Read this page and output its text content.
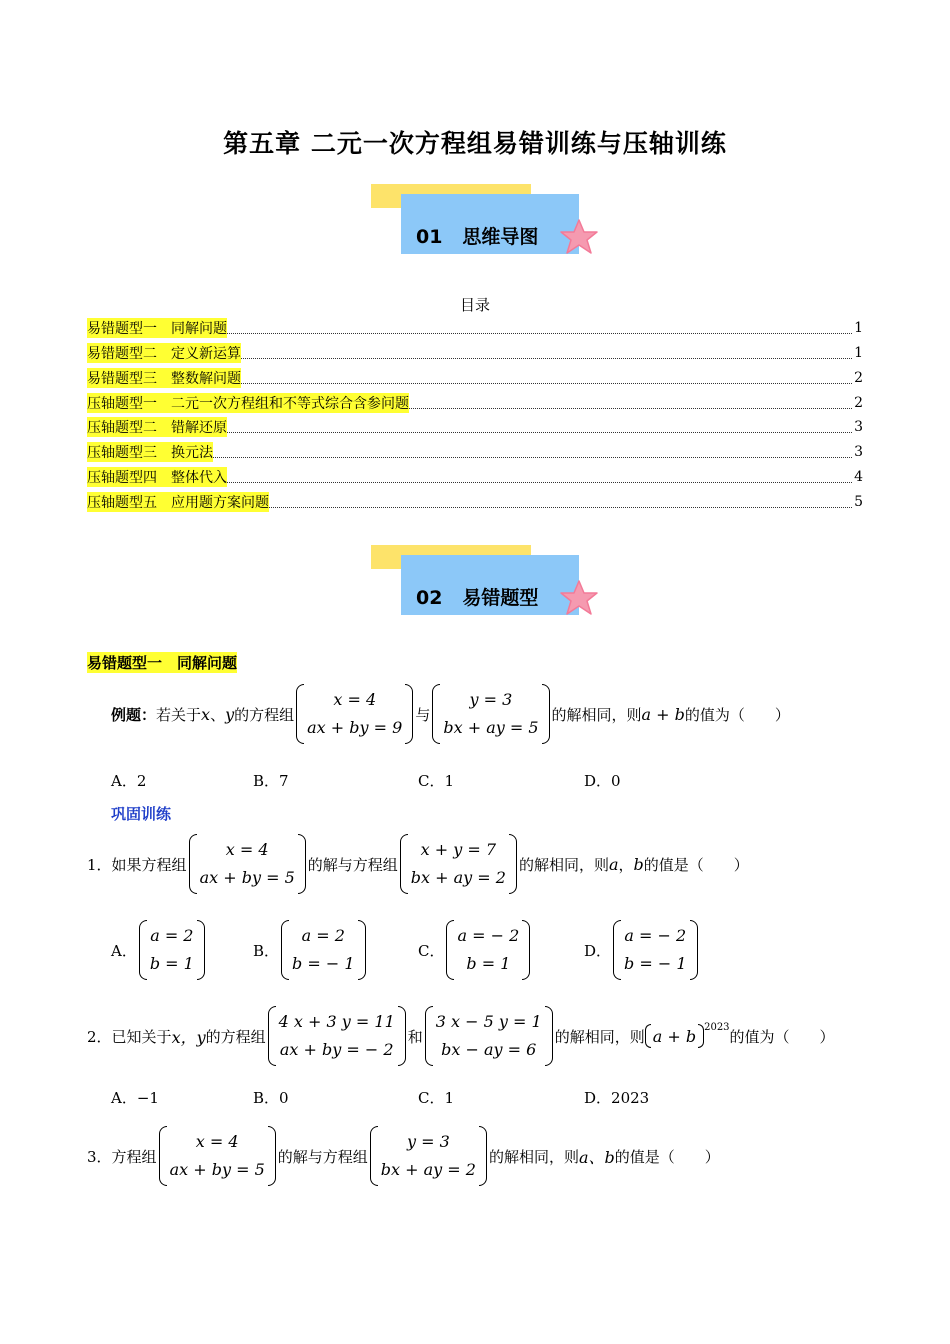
第五章 二元一次方程组易错训练与压轴训练
01 思维导图
目录
易错题型一　同解问题	1
易错题型二　定义新运算	1
易错题型三　整数解问题	2
压轴题型一　二元一次方程组和不等式综合含参问题	2
压轴题型二　错解还原	3
压轴题型三　换元法	3
压轴题型四　整体代入	4
压轴题型五　应用题方案问题	5
02 易错题型
易错题型一　同解问题
例题： 若关于 x 、 y 的方程组
x = 4
ax + by = 9
与
y = 3
bx + ay = 5
的解相同，则 a + b 的值为（　　）
A．2	B．7	C．1	D．0
巩固训练
1． 如果方程组
x = 4
ax + by = 5
的解与方程组
x + y = 7
bx + ay = 2
的解相同，则 a ， b 的值是（　　）
A．
a = 2
b = 1
B．
a = 2
b = − 1
C．
a = − 2
b = 1
D．
a = − 2
b = − 1
2． 已知关于 x，y 的方程组
4 x + 3 y = 11
ax + by = − 2
和
3 x − 5 y = 1
bx − ay = 6
的解相同，则 a + b $^{2023}$ 的值为（　　）
A．−1	B．0	C．1	D．2023
3． 方程组
x = 4
ax + by = 5
的解与方程组
y = 3
bx + ay = 2
的解相同，则 a、b 的值是（　　）
